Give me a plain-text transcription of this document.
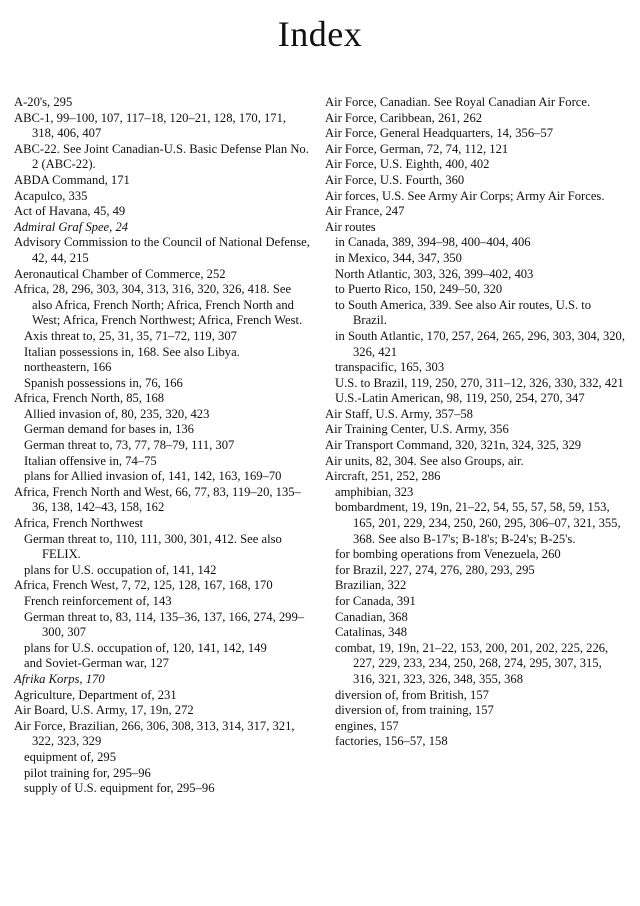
Index

A-20's, 295

ABC-1, 99–100, 107, 117–18, 120–21, 128, 170, 171, 318, 406, 407

ABC-22. See Joint Canadian-U.S. Basic Defense Plan No. 2 (ABC-22).

ABDA Command, 171

Acapulco, 335

Act of Havana, 45, 49

Admiral Graf Spee, 24

Advisory Commission to the Council of National Defense, 42, 44, 215

Aeronautical Chamber of Commerce, 252

Africa, 28, 296, 303, 304, 313, 316, 320, 326, 418. See also Africa, French North; Africa, French North and West; Africa, French Northwest; Africa, French West.

Axis threat to, 25, 31, 35, 71–72, 119, 307

Italian possessions in, 168. See also Libya.

northeastern, 166

Spanish possessions in, 76, 166

Africa, French North, 85, 168

Allied invasion of, 80, 235, 320, 423

German demand for bases in, 136

German threat to, 73, 77, 78–79, 111, 307

Italian offensive in, 74–75

plans for Allied invasion of, 141, 142, 163, 169–70

Africa, French North and West, 66, 77, 83, 119–20, 135–36, 138, 142–43, 158, 162

Africa, French Northwest

German threat to, 110, 111, 300, 301, 412. See also FELIX.

plans for U.S. occupation of, 141, 142

Africa, French West, 7, 72, 125, 128, 167, 168, 170

French reinforcement of, 143

German threat to, 83, 114, 135–36, 137, 166, 274, 299–300, 307

plans for U.S. occupation of, 120, 141, 142, 149

and Soviet-German war, 127

Afrika Korps, 170

Agriculture, Department of, 231

Air Board, U.S. Army, 17, 19n, 272

Air Force, Brazilian, 266, 306, 308, 313, 314, 317, 321, 322, 323, 329

equipment of, 295

pilot training for, 295–96

supply of U.S. equipment for, 295–96

Air Force, Canadian. See Royal Canadian Air Force.

Air Force, Caribbean, 261, 262

Air Force, General Headquarters, 14, 356–57

Air Force, German, 72, 74, 112, 121

Air Force, U.S. Eighth, 400, 402

Air Force, U.S. Fourth, 360

Air forces, U.S. See Army Air Corps; Army Air Forces.

Air France, 247

Air routes

in Canada, 389, 394–98, 400–404, 406

in Mexico, 344, 347, 350

North Atlantic, 303, 326, 399–402, 403

to Puerto Rico, 150, 249–50, 320

to South America, 339. See also Air routes, U.S. to Brazil.

in South Atlantic, 170, 257, 264, 265, 296, 303, 304, 320, 326, 421

transpacific, 165, 303

U.S. to Brazil, 119, 250, 270, 311–12, 326, 330, 332, 421

U.S.-Latin American, 98, 119, 250, 254, 270, 347

Air Staff, U.S. Army, 357–58

Air Training Center, U.S. Army, 356

Air Transport Command, 320, 321n, 324, 325, 329

Air units, 82, 304. See also Groups, air.

Aircraft, 251, 252, 286

amphibian, 323

bombardment, 19, 19n, 21–22, 54, 55, 57, 58, 59, 153, 165, 201, 229, 234, 250, 260, 295, 306–07, 321, 355, 368. See also B-17's; B-18's; B-24's; B-25's.

for bombing operations from Venezuela, 260

for Brazil, 227, 274, 276, 280, 293, 295

Brazilian, 322

for Canada, 391

Canadian, 368

Catalinas, 348

combat, 19, 19n, 21–22, 153, 200, 201, 202, 225, 226, 227, 229, 233, 234, 250, 268, 274, 295, 307, 315, 316, 321, 323, 326, 348, 355, 368

diversion of, from British, 157

diversion of, from training, 157

engines, 157

factories, 156–57, 158
